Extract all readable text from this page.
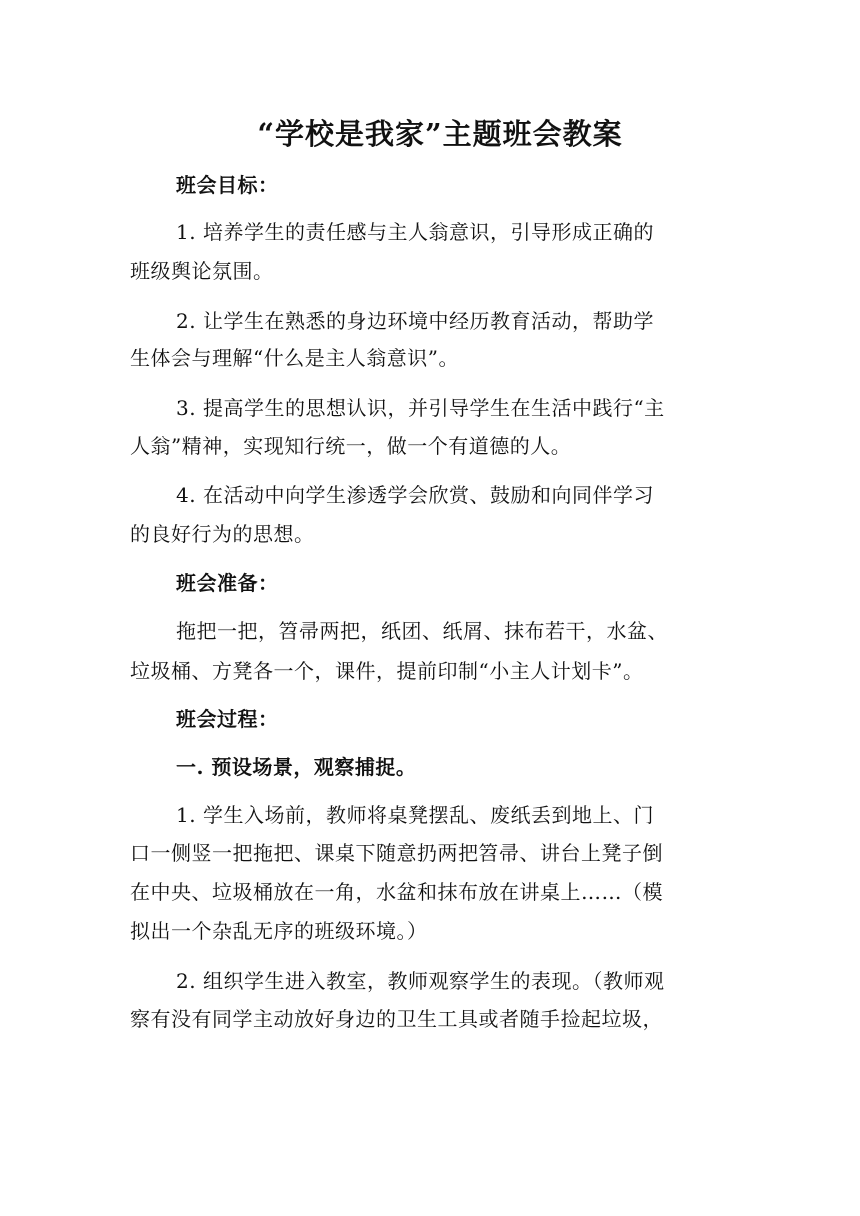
“学校是我家”主题班会教案
班会目标：
1. 培养学生的责任感与主人翁意识，引导形成正确的
班级舆论氛围。
2. 让学生在熟悉的身边环境中经历教育活动，帮助学
生体会与理解“什么是主人翁意识”。
3. 提高学生的思想认识，并引导学生在生活中践行“主
人翁”精神，实现知行统一，做一个有道德的人。
4. 在活动中向学生渗透学会欣赏、鼓励和向同伴学习
的良好行为的思想。
班会准备：
拖把一把，笤帚两把，纸团、纸屑、抹布若干，水盆、
垃圾桶、方凳各一个，课件，提前印制“小主人计划卡”。
班会过程：
一. 预设场景，观察捕捉。
1. 学生入场前，教师将桌凳摆乱、废纸丢到地上、门
口一侧竖一把拖把、课桌下随意扔两把笤帚、讲台上凳子倒
在中央、垃圾桶放在一角，水盆和抹布放在讲桌上……（模
拟出一个杂乱无序的班级环境。）
2. 组织学生进入教室，教师观察学生的表现。（教师观
察有没有同学主动放好身边的卫生工具或者随手捡起垃圾，
